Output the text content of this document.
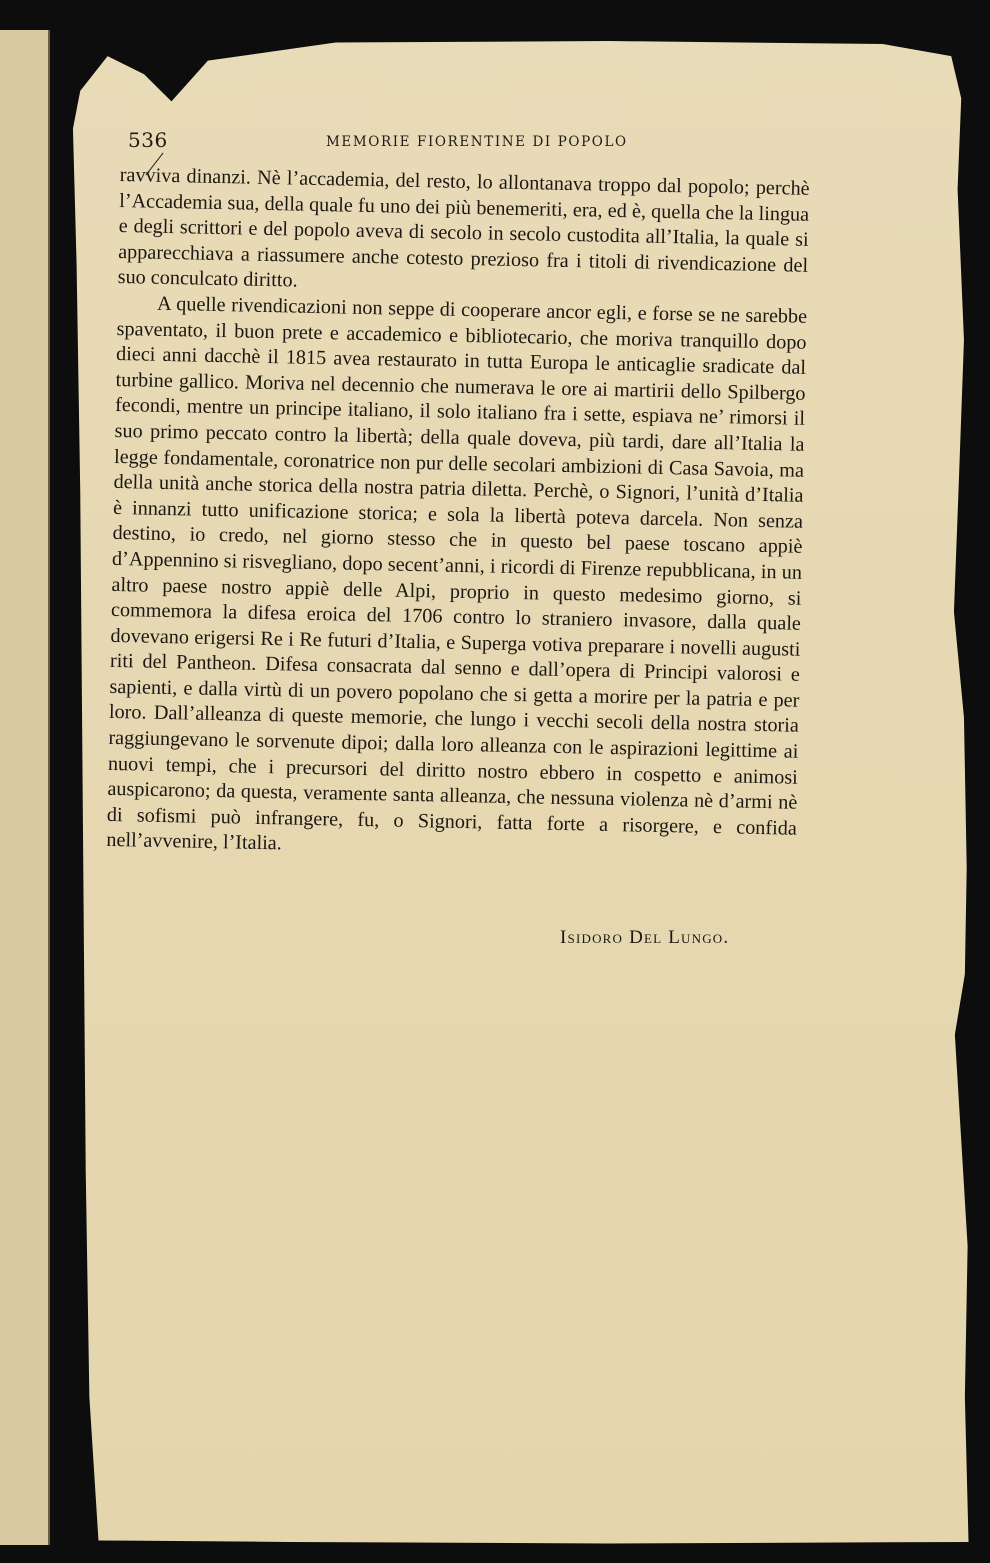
536	MEMORIE FIORENTINE DI POPOLO

ravviva dinanzi. Nè l’accademia, del resto, lo allontanava troppo dal popolo; perchè l’Accademia sua, della quale fu uno dei più benemeriti, era, ed è, quella che la lingua e degli scrittori e del popolo aveva di secolo in secolo custodita all’Italia, la quale si apparecchiava a riassumere anche cotesto prezioso fra i titoli di rivendicazione del suo conculcato diritto.

A quelle rivendicazioni non seppe di cooperare ancor egli, e forse se ne sarebbe spaventato, il buon prete e accademico e bibliotecario, che moriva tranquillo dopo dieci anni dacchè il 1815 avea restaurato in tutta Europa le anticaglie sradicate dal turbine gallico. Moriva nel decennio che numerava le ore ai martirii dello Spilbergo fecondi, mentre un principe italiano, il solo italiano fra i sette, espiava ne’ rimorsi il suo primo peccato contro la libertà; della quale doveva, più tardi, dare all’Italia la legge fondamentale, coronatrice non pur delle secolari ambizioni di Casa Savoia, ma della unità anche storica della nostra patria diletta. Perchè, o Signori, l’unità d’Italia è innanzi tutto unificazione storica; e sola la libertà poteva darcela. Non senza destino, io credo, nel giorno stesso che in questo bel paese toscano appiè d’Appennino si risvegliano, dopo secent’anni, i ricordi di Firenze repubblicana, in un altro paese nostro appiè delle Alpi, proprio in questo medesimo giorno, si commemora la difesa eroica del 1706 contro lo straniero invasore, dalla quale dovevano erigersi Re i Re futuri d’Italia, e Superga votiva preparare i novelli augusti riti del Pantheon. Difesa consacrata dal senno e dall’opera di Principi valorosi e sapienti, e dalla virtù di un povero popolano che si getta a morire per la patria e per loro. Dall’alleanza di queste memorie, che lungo i vecchi secoli della nostra storia raggiungevano le sorvenute dipoi; dalla loro alleanza con le aspirazioni legittime ai nuovi tempi, che i precursori del diritto nostro ebbero in cospetto e animosi auspicarono; da questa, veramente santa alleanza, che nessuna violenza nè d’armi nè di sofismi può infrangere, fu, o Signori, fatta forte a risorgere, e confida nell’avvenire, l’Italia.

Isidoro Del Lungo.
